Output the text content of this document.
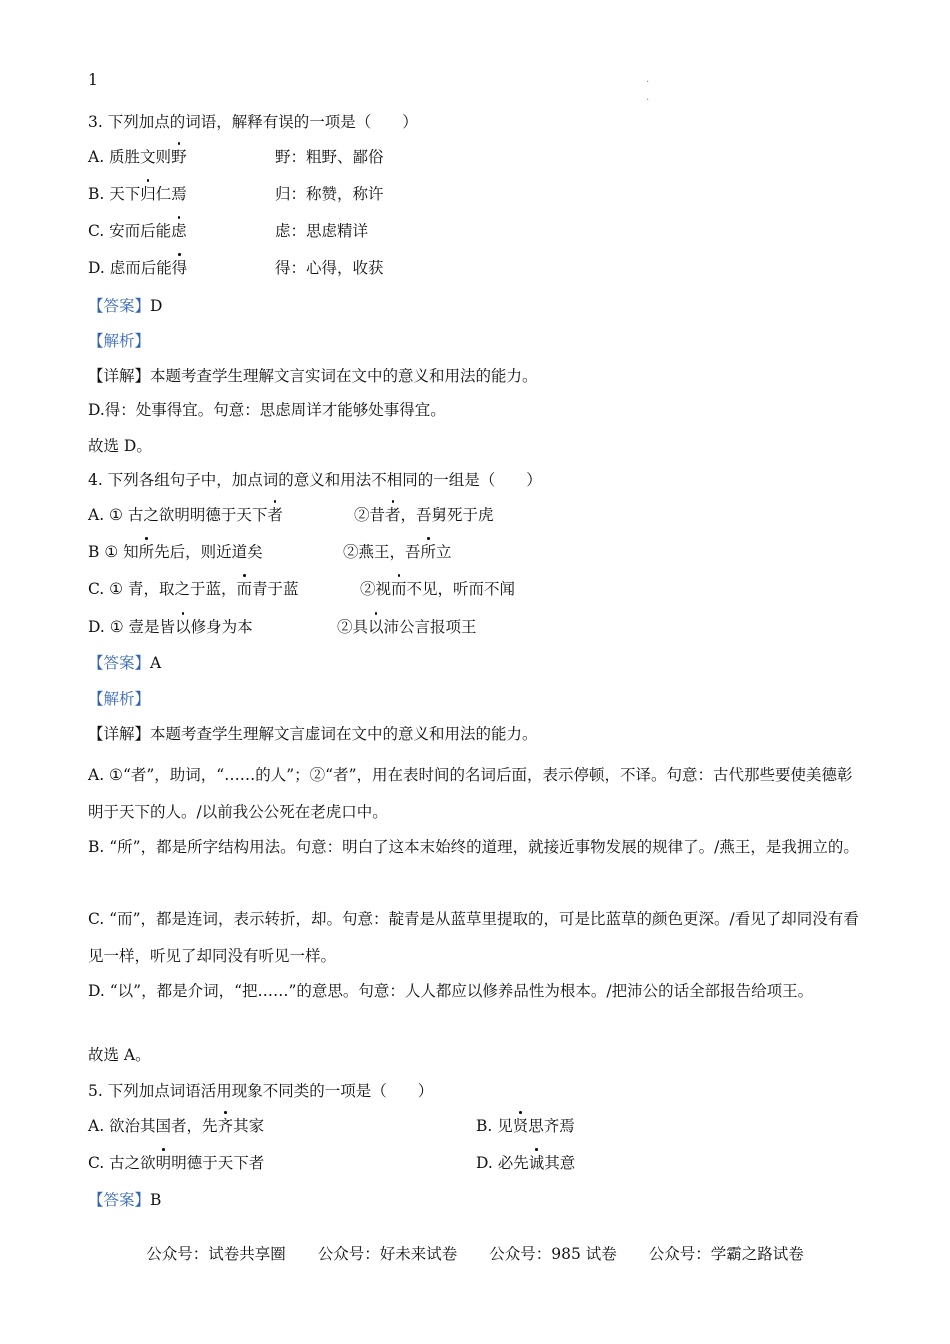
1	.
.
3. 下列加点的词语，解释有误的一项是（　　）
A. 质胜文则野	野：粗野、鄙俗
B. 天下归仁焉	归：称赞，称许
C. 安而后能虑	虑：思虑精详
D. 虑而后能得	得：心得，收获
【答案】D
【解析】
【详解】本题考查学生理解文言实词在文中的意义和用法的能力。
D.得：处事得宜。句意：思虑周详才能够处事得宜。
故选 D。
4. 下列各组句子中，加点词的意义和用法不相同的一组是（　　）
A. ① 古之欲明明德于天下者	②昔者，吾舅死于虎
B ① 知所先后，则近道矣	②燕王，吾所立
C. ① 青，取之于蓝，而青于蓝	②视而不见，听而不闻
D. ① 壹是皆以修身为本	②具以沛公言报项王
【答案】A
【解析】
【详解】本题考查学生理解文言虚词在文中的意义和用法的能力。
A. ①“者”，助词，“……的人”；②“者”，用在表时间的名词后面，表示停顿，不译。句意：古代那些要使美德彰明于天下的人。/以前我公公死在老虎口中。
B. “所”，都是所字结构用法。句意：明白了这本末始终的道理，就接近事物发展的规律了。/燕王，是我拥立的。
C. “而”，都是连词，表示转折，却。句意：靛青是从蓝草里提取的，可是比蓝草的颜色更深。/看见了却同没有看见一样，听见了却同没有听见一样。
D. “以”，都是介词，“把……”的意思。句意：人人都应以修养品性为根本。/把沛公的话全部报告给项王。
故选 A。
5. 下列加点词语活用现象不同类的一项是（　　）
A. 欲治其国者，先齐其家	B. 见贤思齐焉
C. 古之欲明明德于天下者	D. 必先诚其意
【答案】B
公众号：试卷共享圈 公众号：好未来试卷 公众号：985 试卷 公众号：学霸之路试卷
